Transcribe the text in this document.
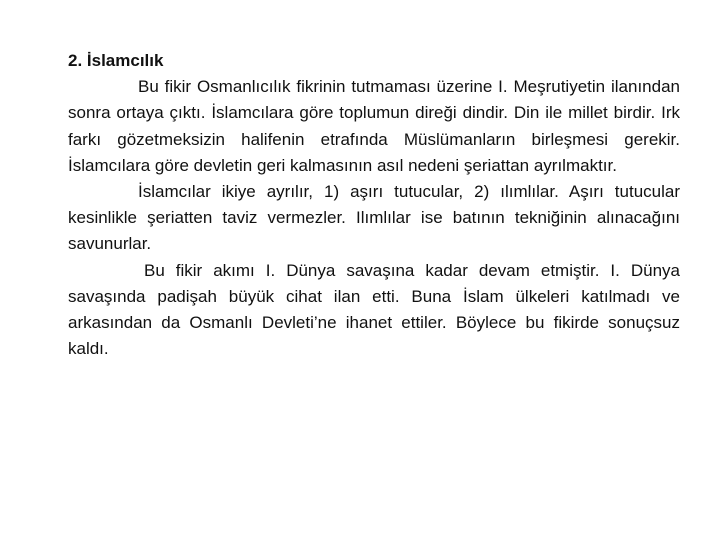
2. İslamcılık

Bu fikir Osmanlıcılık fikrinin tutmaması üzerine I. Meşrutiyetin ilanından sonra ortaya çıktı. İslamcılara göre toplumun direği dindir. Din ile millet birdir. Irk farkı gözetmeksizin halifenin etrafında Müslümanların birleşmesi gerekir. İslamcılara göre devletin geri kalmasının asıl nedeni şeriattan ayrılmaktır.

İslamcılar ikiye ayrılır, 1) aşırı tutucular, 2) ılımlılar. Aşırı tutucular kesinlikle şeriatten taviz vermezler. Ilımlılar ise batının tekniğinin alınacağını savunurlar.

Bu fikir akımı I. Dünya savaşına kadar devam etmiştir. I. Dünya savaşında padişah büyük cihat ilan etti. Buna İslam ülkeleri katılmadı ve arkasından da Osmanlı Devleti’ne ihanet ettiler. Böylece bu fikirde sonuçsuz kaldı.
